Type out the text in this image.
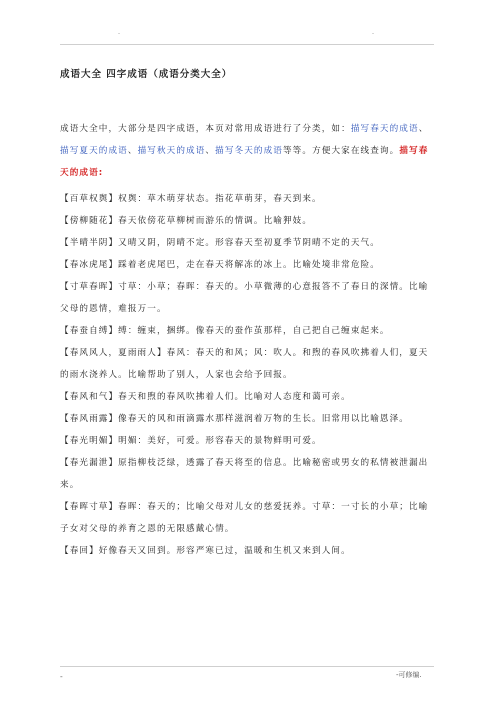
-	-
成语大全 四字成语（成语分类大全）

成语大全中，大部分是四字成语，本页对常用成语进行了分类，如：描写春天的成语、描写夏天的成语、描写秋天的成语、描写冬天的成语等等。方便大家在线查询。描写春天的成语:

【百草权舆】权舆：草木萌芽状态。指花草萌芽，春天到来。

【傍柳随花】春天依傍花草柳树而游乐的情调。比喻狎妓。

【半晴半阴】又晴又阴，阴晴不定。形容春天至初夏季节阴晴不定的天气。

【春冰虎尾】踩着老虎尾巴，走在春天将解冻的冰上。比喻处境非常危险。

【寸草春晖】寸草：小草；春晖：春天的。小草微薄的心意报答不了春日的深情。比喻父母的恩情，难报万一。

【春蚕自缚】缚：缠束，捆绑。像春天的蚕作茧那样，自己把自己缠束起来。

【春风风人，夏雨雨人】春风：春天的和风；风：吹人。和煦的春风吹拂着人们，夏天的雨水浇养人。比喻帮助了别人，人家也会给予回报。

【春风和气】春天和煦的春风吹拂着人们。比喻对人态度和蔼可亲。

【春风雨露】像春天的风和雨滴露水那样滋润着万物的生长。旧常用以比喻恩泽。

【春光明媚】明媚：美好，可爱。形容春天的景物鲜明可爱。

【春光漏泄】原指柳枝泛绿，透露了春天将至的信息。比喻秘密或男女的私情被泄漏出来。

【春晖寸草】春晖：春天的；比喻父母对儿女的慈爱抚养。寸草：一寸长的小草；比喻子女对父母的养育之恩的无限感戴心情。

【春回】好像春天又回到。形容严寒已过，温暖和生机又来到人间。

-	-可修编.
